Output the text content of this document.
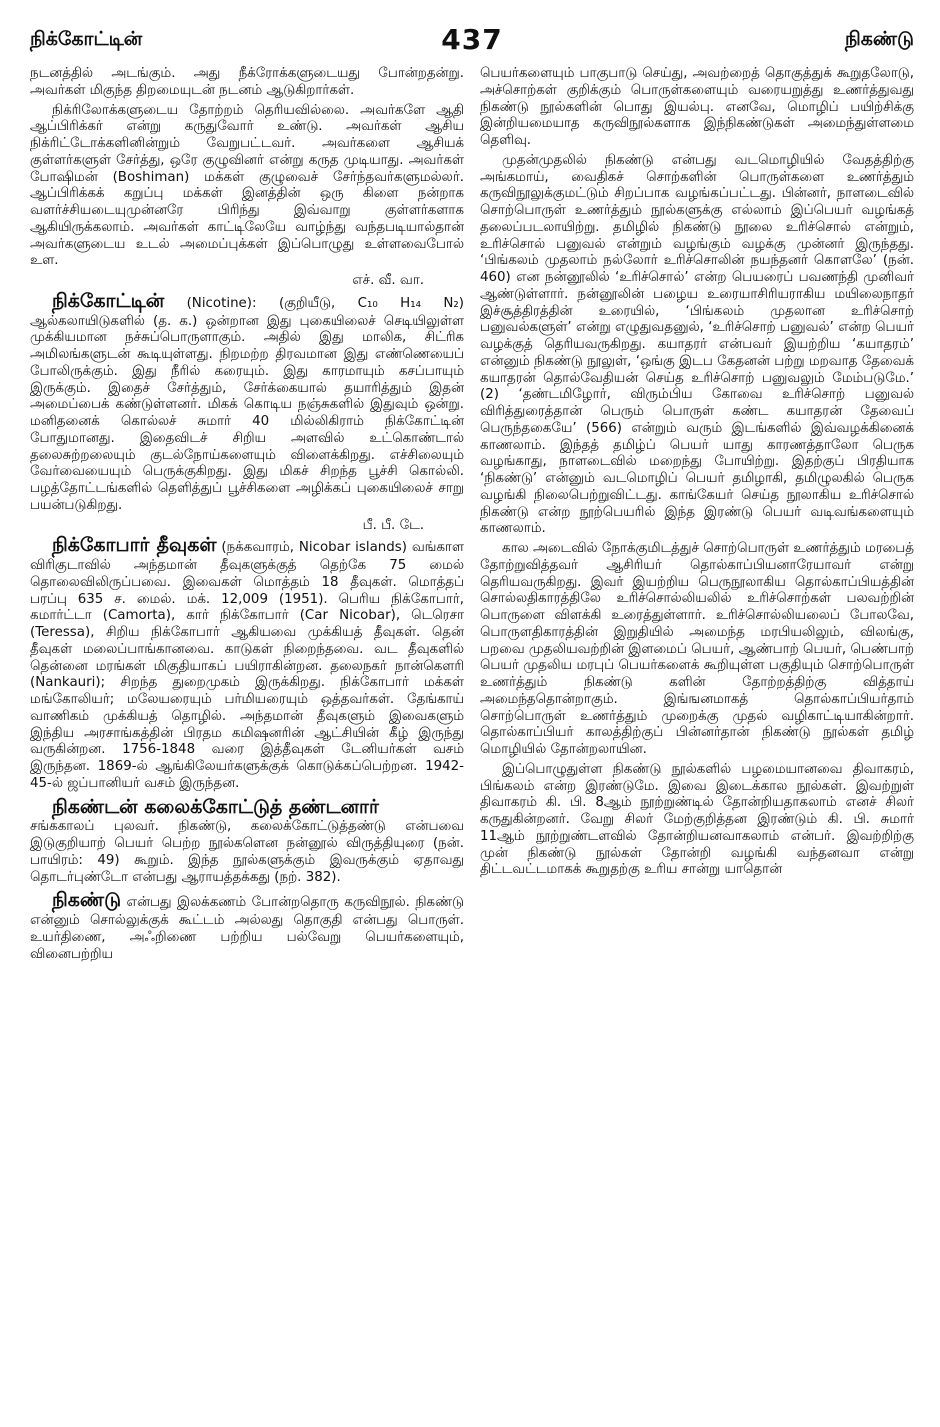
நிக்கோட்டின்	437	நிகண்டு

நடனத்தில் அடங்கும். அது நீக்ரோக்களுடையது போன்றதன்று. அவர்கள் மிகுந்த திறமையுடன் நடனம் ஆடுகிறார்கள்.

நிக்ரிலோக்களுடைய தோற்றம் தெரியவில்லை. அவர்களே ஆதி ஆப்பிரிக்கர் என்று கருதுவோர் உண்டு. அவர்கள் ஆசிய நிக்ரிட்டோக்களினின்றும் வேறுபட்டவர். அவர்களை ஆசியக் குள்ளர்களுள் சேர்த்து, ஒரே குழுவினர் என்று கருத முடியாது. அவர்கள் போஷிமன் (Boshiman) மக்கள் குழுவைச் சேர்ந்தவர்களுமல்லர். ஆப்பிரிக்கக் கறுப்பு மக்கள் இனத்தின் ஒரு கிளை நன்றாக வளர்ச்சியடையுமுன்னரே பிரிந்து இவ்வாறு குள்ளர்களாக ஆகியிருக்கலாம். அவர்கள் காட்டிலேயே வாழ்ந்து வந்தபடியால்தான் அவர்களுடைய உடல் அமைப்புக்கள் இப்பொழுது உள்ளவைபோல் உள.

எச். வீ. வா.

நிக்கோட்டின் (Nicotine): (குறியீடு, C₁₀ H₁₄ N₂) ஆல்கலாயிடுகளில் (த. க.) ஒன்றான இது புகையிலைச் செடியிலுள்ள முக்கியமான நச்சுப்பொருளாகும். அதில் இது மாலிக, சிட்ரிக அமிலங்களுடன் கூடியுள்ளது. நிறமற்ற திரவமான இது எண்ணெயைப் போலிருக்கும். இது நீரில் கரையும். இது காரமாயும் கசப்பாயும் இருக்கும். இதைச் சேர்த்தும், சேர்க்கையால் தயாரித்தும் இதன் அமைப்பைக் கண்டுள்ளனர். மிகக் கொடிய நஞ்சுகளில் இதுவும் ஒன்று. மனிதனைக் கொல்லச் சுமார் 40 மில்லிகிராம் நிக்கோட்டின் போதுமானது. இதைவிடச் சிறிய அளவில் உட்கொண்டால் தலைசுற்றலையும் குடல்நோய்களையும் விளைக்கிறது. எச்சிலையும் வேர்வையையும் பெருக்குகிறது. இது மிகச் சிறந்த பூச்சி கொல்லி. பழத்தோட்டங்களில் தெளித்துப் பூச்சிகளை அழிக்கப் புகையிலைச் சாறு பயன்படுகிறது.

பீ. பீ. டே.

நிக்கோபார் தீவுகள் (நக்கவாரம், Nicobar islands) வங்காள விரிகுடாவில் அந்தமான் தீவுகளுக்குத் தெற்கே 75 மைல் தொலைவிலிருப்பவை. இவைகள் மொத்தம் 18 தீவுகள். மொத்தப் பரப்பு 635 ச. மைல். மக். 12,009 (1951). பெரிய நிக்கோபார், கமார்ட்டா (Camorta), கார் நிக்கோபார் (Car Nicobar), டெரெசா (Teressa), சிறிய நிக்கோபார் ஆகியவை முக்கியத் தீவுகள். தென் தீவுகள் மலைப்பாங்கானவை. காடுகள் நிறைந்தவை. வட தீவுகளில் தென்னை மரங்கள் மிகுதியாகப் பயிராகின்றன. தலைநகர் நான்கௌரி (Nankauri); சிறந்த துறைமுகம் இருக்கிறது. நிக்கோபார் மக்கள் மங்கோலியர்; மலேயரையும் பர்மியரையும் ஒத்தவர்கள். தேங்காய் வாணிகம் முக்கியத் தொழில். அந்தமான் தீவுகளும் இவைகளும் இந்திய அரசாங்கத்தின் பிரதம கமிஷனரின் ஆட்சியின் கீழ் இருந்து வருகின்றன. 1756-1848 வரை இத்தீவுகள் டேனியர்கள் வசம் இருந்தன. 1869-ல் ஆங்கிலேயர்களுக்குக் கொடுக்கப்பெற்றன. 1942-45-ல் ஜப்பானியர் வசம் இருந்தன.

நிகண்டன் கலைக்கோட்டுத் தண்டனார்
சங்ககாலப் புலவர். நிகண்டு, கலைக்கோட்டுத்தண்டு என்பவை இடுகுறியாற் பெயர் பெற்ற நூல்களென நன்னூல் விருத்தியுரை (நன். பாயிரம்: 49) கூறும். இந்த நூல்களுக்கும் இவருக்கும் ஏதாவது தொடர்புண்டோ என்பது ஆராயத்தக்கது (நற். 382).

நிகண்டு என்பது இலக்கணம் போன்றதொரு கருவிநூல். நிகண்டு என்னும் சொல்லுக்குக் கூட்டம் அல்லது தொகுதி என்பது பொருள். உயர்திணை, அஃறிணை பற்றிய பல்வேறு பெயர்களையும், வினைபற்றிய

பெயர்களையும் பாகுபாடு செய்து, அவற்றைத் தொகுத்துக் கூறுதலோடு, அச்சொற்கள் குறிக்கும் பொருள்களையும் வரையறுத்து உணர்த்துவது நிகண்டு நூல்களின் பொது இயல்பு. எனவே, மொழிப் பயிற்சிக்கு இன்றியமையாத கருவிநூல்களாக இந்நிகண்டுகள் அமைந்துள்ளமை தெளிவு.

முதன்முதலில் நிகண்டு என்பது வடமொழியில் வேதத்திற்கு அங்கமாய், வைதிகச் சொற்களின் பொருள்களை உணர்த்தும் கருவிநூலுக்குமட்டும் சிறப்பாக வழங்கப்பட்டது. பின்னர், நாளடைவில் சொற்பொருள் உணர்த்தும் நூல்களுக்கு எல்லாம் இப்பெயர் வழங்கத் தலைப்படலாயிற்று. தமிழில் நிகண்டு நூலை உரிச்சொல் என்றும், உரிச்சொல் பனுவல் என்றும் வழங்கும் வழக்கு முன்னர் இருந்தது. ‘பிங்கலம் முதலாம் நல்லோர் உரிச்சொலின் நயந்தனர் கொளலே’ (நன். 460) என நன்னூலில் ‘உரிச்சொல்’ என்ற பெயரைப் பவணந்தி முனிவர் ஆண்டுள்ளார். நன்னூலின் பழைய உரையாசிரியராகிய மயிலைநாதர் இச்சூத்திரத்தின் உரையில், ‘பிங்கலம் முதலான உரிச்சொற் பனுவல்களுள்’ என்று எழுதுவதனுல், ‘உரிச்சொற் பனுவல்’ என்ற பெயர் வழக்குத் தெரியவருகிறது. கயாதரர் என்பவர் இயற்றிய ‘கயாதரம்’ என்னும் நிகண்டு நூலுள், ‘ஒங்கு இடப கேதனன் பற்று மறவாத தேவைக் கயாதரன் தொல்வேதியன் செய்த உரிச்சொற் பனுவலும் மேம்படுமே.’ (2) ‘தண்டமிழோர், விரும்பிய கோவை உரிச்சொற் பனுவல் விரித்துரைத்தான் பெரும் பொருள் கண்ட கயாதரன் தேவைப் பெருந்தகையே’ (566) என்றும் வரும் இடங்களில் இவ்வழக்கினைக் காணலாம். இந்தத் தமிழ்ப் பெயர் யாது காரணத்தாலோ பெருக வழங்காது, நாளடைவில் மறைந்து போயிற்று. இதற்குப் பிரதியாக ‘நிகண்டு’ என்னும் வடமொழிப் பெயர் தமிழாகி, தமிழுலகில் பெருக வழங்கி நிலைபெற்றுவிட்டது. காங்கேயர் செய்த நூலாகிய உரிச்சொல் நிகண்டு என்ற நூற்பெயரில் இந்த இரண்டு பெயர் வடிவங்களையும் காணலாம்.

கால அடைவில் நோக்குமிடத்துச் சொற்பொருள் உணர்த்தும் மரபைத் தோற்றுவித்தவர் ஆசிரியர் தொல்காப்பியனாரேயாவர் என்று தெரியவருகிறது. இவர் இயற்றிய பெருநூலாகிய தொல்காப்பியத்தின் சொல்லதிகாரத்திலே உரிச்சொல்லியலில் உரிச்சொற்கள் பலவற்றின் பொருளை விளக்கி உரைத்துள்ளார். உரிச்சொல்லியலைப் போலவே, பொருளதிகாரத்தின் இறுதியில் அமைந்த மரபியலிலும், விலங்கு, பறவை முதலியவற்றின் இளமைப் பெயர், ஆண்பாற் பெயர், பெண்பாற் பெயர் முதலிய மரபுப் பெயர்களைக் கூறியுள்ள பகுதியும் சொற்பொருள் உணர்த்தும் நிகண்டு களின் தோற்றத்திற்கு வித்தாய் அமைந்ததொன்றாகும். இங்ஙனமாகத் தொல்காப்பியர்தாம் சொற்பொருள் உணர்த்தும் முறைக்கு முதல் வழிகாட்டியாகின்றார். தொல்காப்பியர் காலத்திற்குப் பின்னர்தான் நிகண்டு நூல்கள் தமிழ் மொழியில் தோன்றலாயின.

இப்பொழுதுள்ள நிகண்டு நூல்களில் பழமையானவை திவாகரம், பிங்கலம் என்ற இரண்டுமே. இவை இடைக்கால நூல்கள். இவற்றுள் திவாகரம் கி. பி. 8ஆம் நூற்றுண்டில் தோன்றியதாகலாம் எனச் சிலர் கருதுகின்றனர். வேறு சிலர் மேற்குறித்தன இரண்டும் கி. பி. சுமார் 11ஆம் நூற்றுண்டளவில் தோன்றியனவாகலாம் என்பர். இவற்றிற்கு முன் நிகண்டு நூல்கள் தோன்றி வழங்கி வந்தனவா என்று திட்டவட்டமாகக் கூறுதற்கு உரிய சான்று யாதொன்
